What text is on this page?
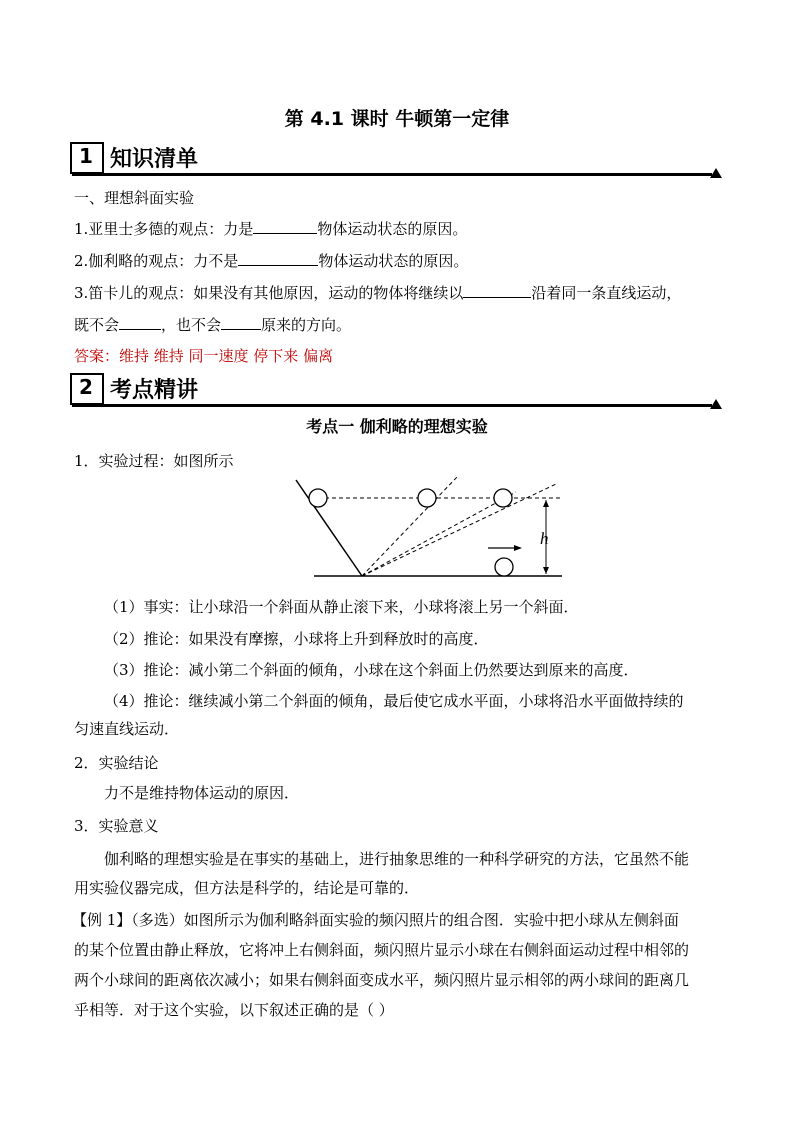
第 4.1 课时 牛顿第一定律
1 知识清单
一、理想斜面实验
1.亚里士多德的观点：力是	物体运动状态的原因。
2.伽利略的观点：力不是	物体运动状态的原因。
3.笛卡儿的观点：如果没有其他原因，运动的物体将继续以	沿着同一条直线运动，
既不会	，也不会	原来的方向。
答案：维持 维持 同一速度 停下来 偏离
2 考点精讲
考点一 伽利略的理想实验
1．实验过程：如图所示
h
（1）事实：让小球沿一个斜面从静止滚下来，小球将滚上另一个斜面．
（2）推论：如果没有摩擦，小球将上升到释放时的高度．
（3）推论：减小第二个斜面的倾角，小球在这个斜面上仍然要达到原来的高度．
（4）推论：继续减小第二个斜面的倾角，最后使它成水平面，小球将沿水平面做持续的
匀速直线运动．
2．实验结论
力不是维持物体运动的原因．
3．实验意义
伽利略的理想实验是在事实的基础上，进行抽象思维的一种科学研究的方法，它虽然不能
用实验仪器完成，但方法是科学的，结论是可靠的．
【例 1】（多选）如图所示为伽利略斜面实验的频闪照片的组合图．实验中把小球从左侧斜面
的某个位置由静止释放，它将冲上右侧斜面，频闪照片显示小球在右侧斜面运动过程中相邻的
两个小球间的距离依次减小；如果右侧斜面变成水平，频闪照片显示相邻的两小球间的距离几
乎相等．对于这个实验，以下叙述正确的是（ ）
